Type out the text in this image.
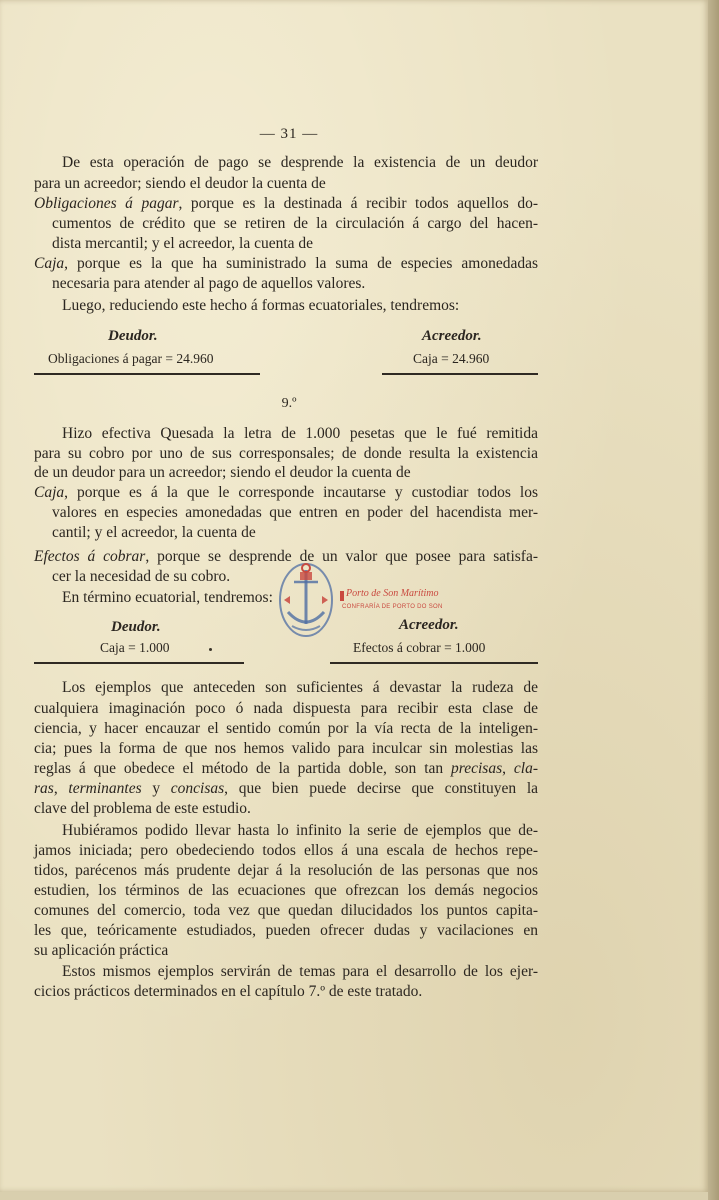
— 31 —
De esta operación de pago se desprende la existencia de un deudor
para un acreedor; siendo el deudor la cuenta de
Obligaciones á pagar, porque es la destinada á recibir todos aquellos do-
cumentos de crédito que se retiren de la circulación á cargo del hacen-
dista mercantil; y el acreedor, la cuenta de
Caja, porque es la que ha suministrado la suma de especies amonedadas
necesaria para atender al pago de aquellos valores.
Luego, reduciendo este hecho á formas ecuatoriales, tendremos:
Deudor.	Acreedor.
Obligaciones á pagar = 24.960	Caja = 24.960
9.º
Hizo efectiva Quesada la letra de 1.000 pesetas que le fué remitida
para su cobro por uno de sus corresponsales; de donde resulta la existencia
de un deudor para un acreedor; siendo el deudor la cuenta de
Caja, porque es á la que le corresponde incautarse y custodiar todos los
valores en especies amonedadas que entren en poder del hacendista mer-
cantil; y el acreedor, la cuenta de
Efectos á cobrar, porque se desprende de un valor que posee para satisfa-
cer la necesidad de su cobro.
En término ecuatorial, tendremos:	Porto de Son Marítimo
CONFRARÍA DE PORTO DO SON
Deudor.	Acreedor.
Caja = 1.000	Efectos á cobrar = 1.000
Los ejemplos que anteceden son suficientes á devastar la rudeza de
cualquiera imaginación poco ó nada dispuesta para recibir esta clase de
ciencia, y hacer encauzar el sentido común por la vía recta de la inteligen-
cia; pues la forma de que nos hemos valido para inculcar sin molestias las
reglas á que obedece el método de la partida doble, son tan precisas, cla-
ras, terminantes y concisas, que bien puede decirse que constituyen la
clave del problema de este estudio.
Hubiéramos podido llevar hasta lo infinito la serie de ejemplos que de-
jamos iniciada; pero obedeciendo todos ellos á una escala de hechos repe-
tidos, parécenos más prudente dejar á la resolución de las personas que nos
estudien, los términos de las ecuaciones que ofrezcan los demás negocios
comunes del comercio, toda vez que quedan dilucidados los puntos capita-
les que, teóricamente estudiados, pueden ofrecer dudas y vacilaciones en
su aplicación práctica
Estos mismos ejemplos servirán de temas para el desarrollo de los ejer-
cicios prácticos determinados en el capítulo 7.º de este tratado.
